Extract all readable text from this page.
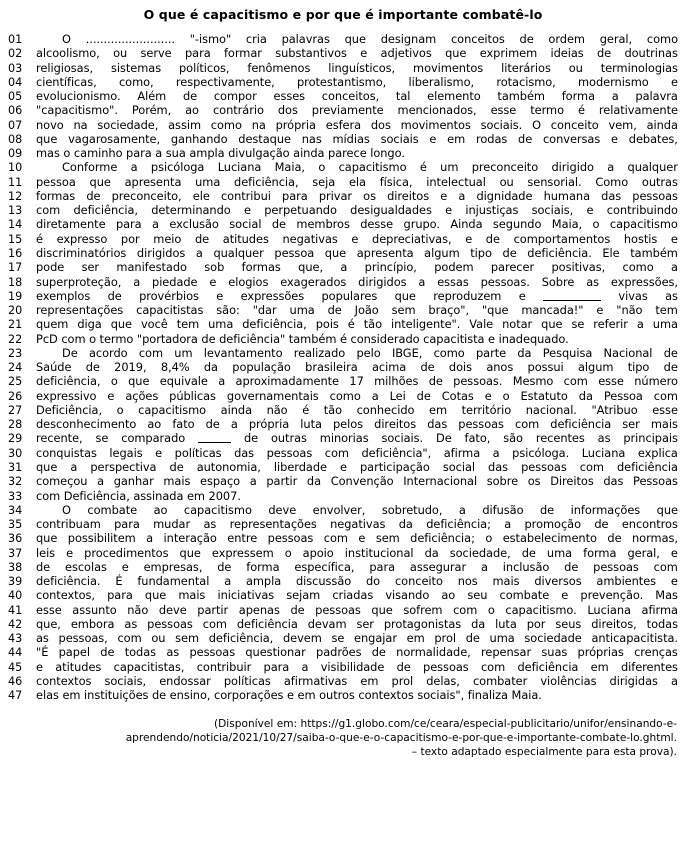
O que é capacitismo e por que é importante combatê-lo
01	O ......................... "-ismo" cria palavras que designam conceitos de ordem geral, como
02	alcoolismo, ou serve para formar substantivos e adjetivos que exprimem ideias de doutrinas
03	religiosas, sistemas políticos, fenômenos linguísticos, movimentos literários ou terminologias
04	científicas, como, respectivamente, protestantismo, liberalismo, rotacismo, modernismo e
05	evolucionismo. Além de compor esses conceitos, tal elemento também forma a palavra
06	"capacitismo". Porém, ao contrário dos previamente mencionados, esse termo é relativamente
07	novo na sociedade, assim como na própria esfera dos movimentos sociais. O conceito vem, ainda
08	que vagarosamente, ganhando destaque nas mídias sociais e em rodas de conversas e debates,
09	mas o caminho para a sua ampla divulgação ainda parece longo.
10	Conforme a psicóloga Luciana Maia, o capacitismo é um preconceito dirigido a qualquer
11	pessoa que apresenta uma deficiência, seja ela física, intelectual ou sensorial. Como outras
12	formas de preconceito, ele contribui para privar os direitos e a dignidade humana das pessoas
13	com deficiência, determinando e perpetuando desigualdades e injustiças sociais, e contribuindo
14	diretamente para a exclusão social de membros desse grupo. Ainda segundo Maia, o capacitismo
15	é expresso por meio de atitudes negativas e depreciativas, e de comportamentos hostis e
16	discriminatórios dirigidos a qualquer pessoa que apresenta algum tipo de deficiência. Ele também
17	pode ser manifestado sob formas que, a princípio, podem parecer positivas, como a
18	superproteção, a piedade e elogios exagerados dirigidos a essas pessoas. Sobre as expressões,
19	exemplos de provérbios e expressões populares que reproduzem e	vivas as
20	representações capacitistas são: "dar uma de João sem braço", "que mancada!" e "não tem
21	quem diga que você tem uma deficiência, pois é tão inteligente". Vale notar que se referir a uma
22	PcD com o termo "portadora de deficiência" também é considerado capacitista e inadequado.
23	De acordo com um levantamento realizado pelo IBGE, como parte da Pesquisa Nacional de
24	Saúde de 2019, 8,4% da população brasileira acima de dois anos possui algum tipo de
25	deficiência, o que equivale a aproximadamente 17 milhões de pessoas. Mesmo com esse número
26	expressivo e ações públicas governamentais como a Lei de Cotas e o Estatuto da Pessoa com
27	Deficiência, o capacitismo ainda não é tão conhecido em território nacional. "Atribuo esse
28	desconhecimento ao fato de a própria luta pelos direitos das pessoas com deficiência ser mais
29	recente, se comparado	de outras minorias sociais. De fato, são recentes as principais
30	conquistas legais e políticas das pessoas com deficiência", afirma a psicóloga. Luciana explica
31	que a perspectiva de autonomia, liberdade e participação social das pessoas com deficiência
32	começou a ganhar mais espaço a partir da Convenção Internacional sobre os Direitos das Pessoas
33	com Deficiência, assinada em 2007.
34	O combate ao capacitismo deve envolver, sobretudo, a difusão de informações que
35	contribuam para mudar as representações negativas da deficiência; a promoção de encontros
36	que possibilitem a interação entre pessoas com e sem deficiência; o estabelecimento de normas,
37	leis e procedimentos que expressem o apoio institucional da sociedade, de uma forma geral, e
38	de escolas e empresas, de forma específica, para assegurar a inclusão de pessoas com
39	deficiência. É fundamental a ampla discussão do conceito nos mais diversos ambientes e
40	contextos, para que mais iniciativas sejam criadas visando ao seu combate e prevenção. Mas
41	esse assunto não deve partir apenas de pessoas que sofrem com o capacitismo. Luciana afirma
42	que, embora as pessoas com deficiência devam ser protagonistas da luta por seus direitos, todas
43	as pessoas, com ou sem deficiência, devem se engajar em prol de uma sociedade anticapacitista.
44	"É papel de todas as pessoas questionar padrões de normalidade, repensar suas próprias crenças
45	e atitudes capacitistas, contribuir para a visibilidade de pessoas com deficiência em diferentes
46	contextos sociais, endossar políticas afirmativas em prol delas, combater violências dirigidas a
47	elas em instituições de ensino, corporações e em outros contextos sociais", finaliza Maia.
(Disponível em: https://g1.globo.com/ce/ceara/especial-publicitario/unifor/ensinando-e-
aprendendo/noticia/2021/10/27/saiba-o-que-e-o-capacitismo-e-por-que-e-importante-combate-lo.ghtml.
– texto adaptado especialmente para esta prova).
